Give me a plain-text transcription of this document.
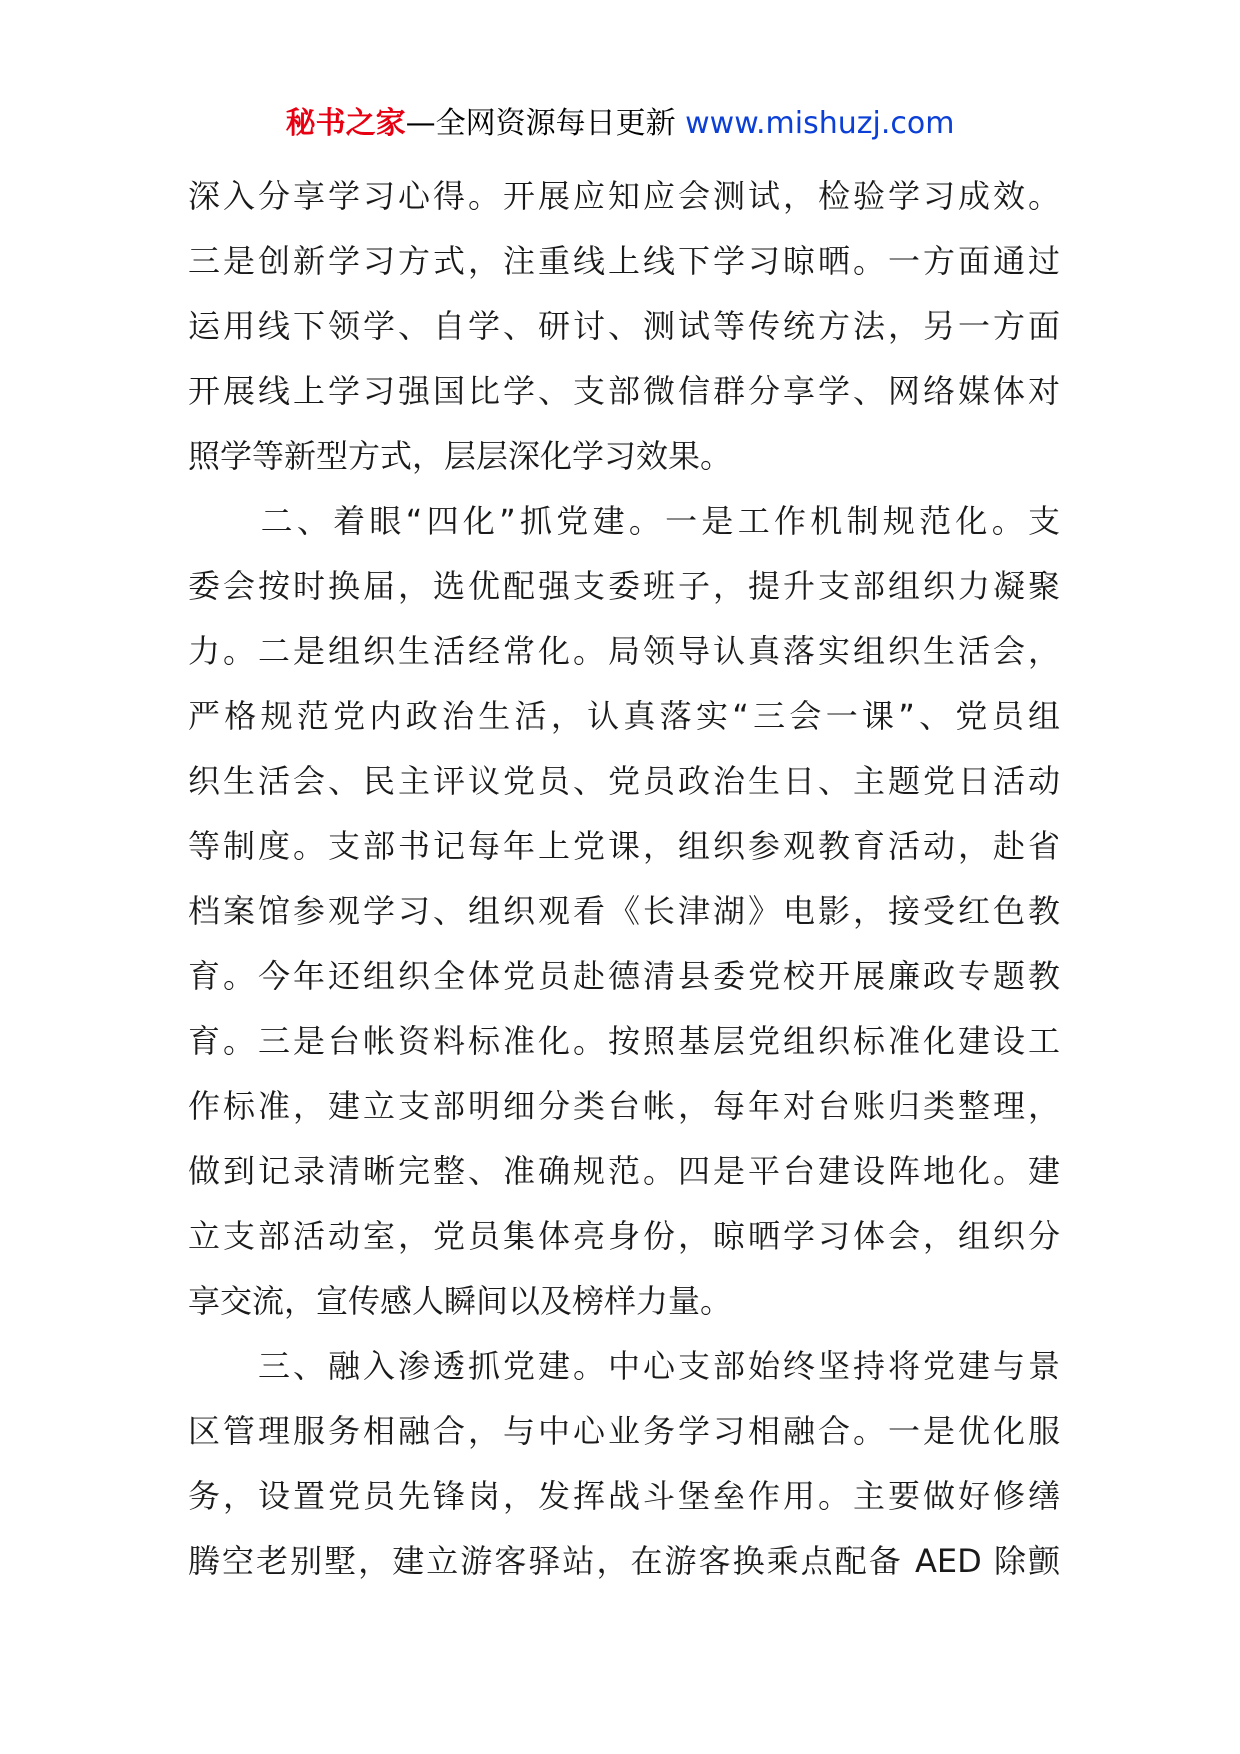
秘书之家—全网资源每日更新 www.mishuzj.com
深入分享学习心得。开展应知应会测试，检验学习成效。
三是创新学习方式，注重线上线下学习晾晒。一方面通过
运用线下领学、自学、研讨、测试等传统方法，另一方面
开展线上学习强国比学、支部微信群分享学、网络媒体对
照学等新型方式，层层深化学习效果。
　　二、着眼“四化”抓党建。一是工作机制规范化。支
委会按时换届，选优配强支委班子，提升支部组织力凝聚
力。二是组织生活经常化。局领导认真落实组织生活会，
严格规范党内政治生活，认真落实“三会一课”、党员组
织生活会、民主评议党员、党员政治生日、主题党日活动
等制度。支部书记每年上党课，组织参观教育活动，赴省
档案馆参观学习、组织观看《长津湖》电影，接受红色教
育。今年还组织全体党员赴德清县委党校开展廉政专题教
育。三是台帐资料标准化。按照基层党组织标准化建设工
作标准，建立支部明细分类台帐，每年对台账归类整理，
做到记录清晰完整、准确规范。四是平台建设阵地化。建
立支部活动室，党员集体亮身份，晾晒学习体会，组织分
享交流，宣传感人瞬间以及榜样力量。
　　三、融入渗透抓党建。中心支部始终坚持将党建与景
区管理服务相融合，与中心业务学习相融合。一是优化服
务，设置党员先锋岗，发挥战斗堡垒作用。主要做好修缮
腾空老别墅，建立游客驿站，在游客换乘点配备 AED 除颤
